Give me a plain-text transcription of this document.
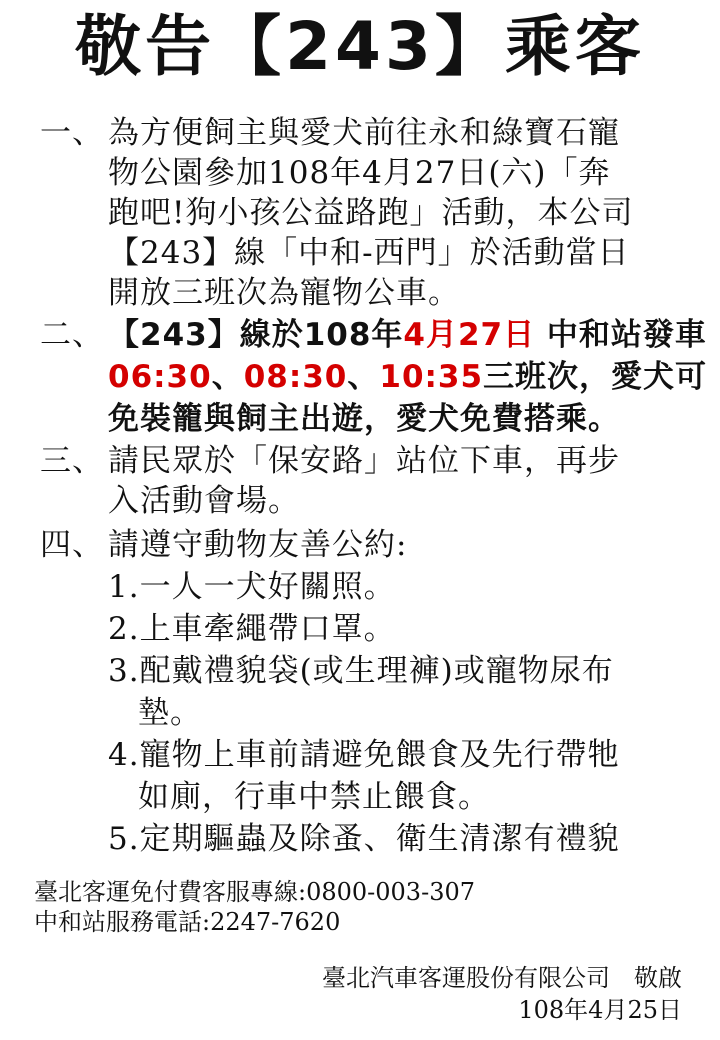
敬告【243】乘客
一、 為方便飼主與愛犬前往永和綠寶石寵
物公園參加108年4月27日(六)「奔
跑吧!狗小孩公益路跑」活動，本公司
【243】線「中和-西門」於活動當日
開放三班次為寵物公車。
二、 【243】線於108年4月27日 中和站發車
06:30、08:30、10:35三班次，愛犬可
免裝籠與飼主出遊，愛犬免費搭乘。
三、 請民眾於「保安路」站位下車，再步
入活動會場。
四、 請遵守動物友善公約:
1.一人一犬好關照。
2.上車牽繩帶口罩。
3.配戴禮貌袋(或生理褲)或寵物尿布
墊。
4.寵物上車前請避免餵食及先行帶牠
如廁，行車中禁止餵食。
5.定期驅蟲及除蚤、衛生清潔有禮貌
臺北客運免付費客服專線:0800-003-307
中和站服務電話:2247-7620
臺北汽車客運股份有限公司　敬啟
108年4月25日
